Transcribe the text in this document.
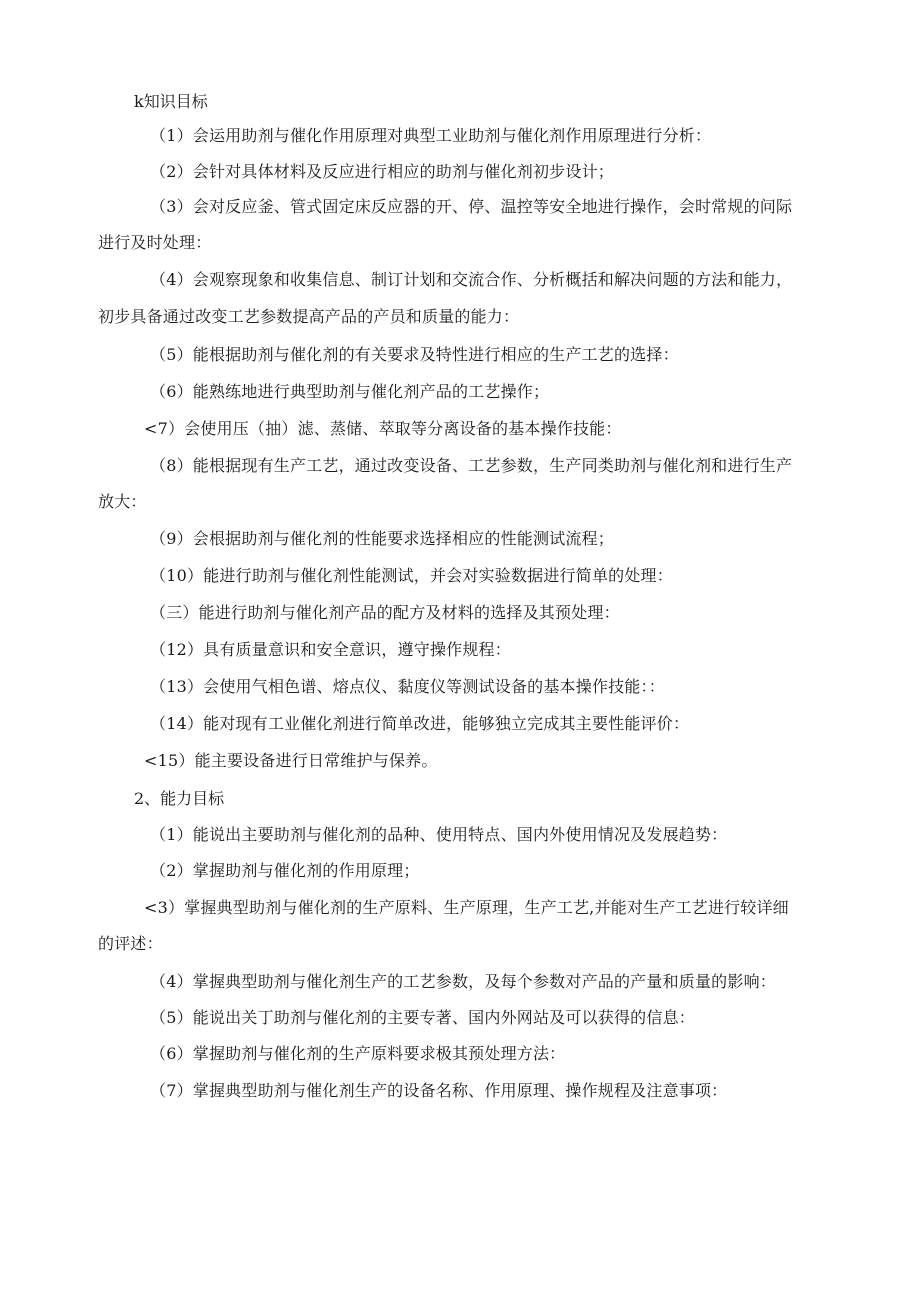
k知识目标
（1）会运用助剂与催化作用原理对典型工业助剂与催化剂作用原理进行分析：
（2）会针对具体材料及反应进行相应的助剂与催化剂初步设计；
（3）会对反应釜、管式固定床反应器的开、停、温控等安全地进行操作，会时常规的问际
进行及时处理：
（4）会观察现象和收集信息、制订计划和交流合作、分析概括和解决问题的方法和能力，
初步具备通过改变工艺参数提高产品的产员和质量的能力：
（5）能根据助剂与催化剂的有关要求及特性进行相应的生产工艺的选择：
（6）能熟练地进行典型助剂与催化剂产品的工艺操作；
<7）会使用压（抽）滤、蒸储、萃取等分离设备的基本操作技能：
（8）能根据现有生产工艺，通过改变设备、工艺参数，生产同类助剂与催化剂和进行生产
放大：
（9）会根据助剂与催化剂的性能要求选择相应的性能测试流程；
（10）能进行助剂与催化剂性能测试，并会对实验数据进行简单的处理：
（三）能进行助剂与催化剂产品的配方及材料的选择及其预处理：
（12）具有质量意识和安全意识，遵守操作规程：
（13）会使用气相色谱、熔点仪、黏度仪等测试设备的基本操作技能：：
（14）能对现有工业催化剂进行简单改进，能够独立完成其主要性能评价：
<15）能主要设备进行日常维护与保养。
2、能力目标
（1）能说出主要助剂与催化剂的品种、使用特点、国内外使用情况及发展趋势：
（2）掌握助剂与催化剂的作用原理；
<3）掌握典型助剂与催化剂的生产原料、生产原理，生产工艺,并能对生产工艺进行较详细
的评述：
（4）掌握典型助剂与催化剂生产的工艺参数，及每个参数对产品的产量和质量的影响：
（5）能说出关丁助剂与催化剂的主要专著、国内外网站及可以获得的信息：
（6）掌握助剂与催化剂的生产原料要求极其预处理方法：
（7）掌握典型助剂与催化剂生产的设备名称、作用原理、操作规程及注意事项：
